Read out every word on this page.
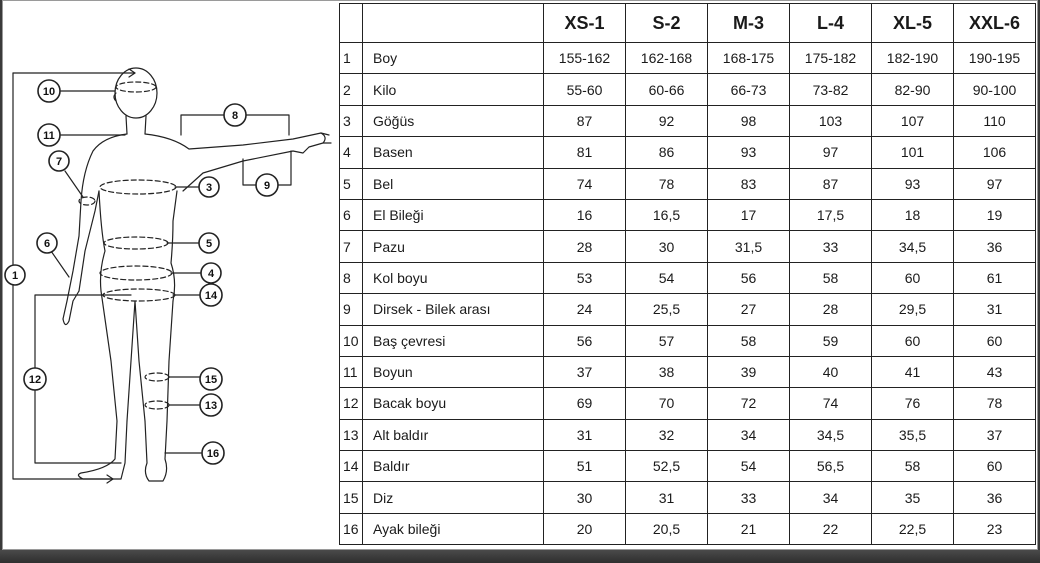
10
11
7
6
1
8
9
3
5
4
14
12	15
13
16
		XS-1	S-2	M-3	L-4	XL-5	XXL-6
1	Boy	155-162	162-168	168-175	175-182	182-190	190-195
2	Kilo	55-60	60-66	66-73	73-82	82-90	90-100
3	Göğüs	87	92	98	103	107	110
4	Basen	81	86	93	97	101	106
5	Bel	74	78	83	87	93	97
6	El Bileği	16	16,5	17	17,5	18	19
7	Pazu	28	30	31,5	33	34,5	36
8	Kol boyu	53	54	56	58	60	61
9	Dirsek - Bilek arası	24	25,5	27	28	29,5	31
10	Baş çevresi	56	57	58	59	60	60
11	Boyun	37	38	39	40	41	43
12	Bacak boyu	69	70	72	74	76	78
13	Alt baldır	31	32	34	34,5	35,5	37
14	Baldır	51	52,5	54	56,5	58	60
15	Diz	30	31	33	34	35	36
16	Ayak bileği	20	20,5	21	22	22,5	23
